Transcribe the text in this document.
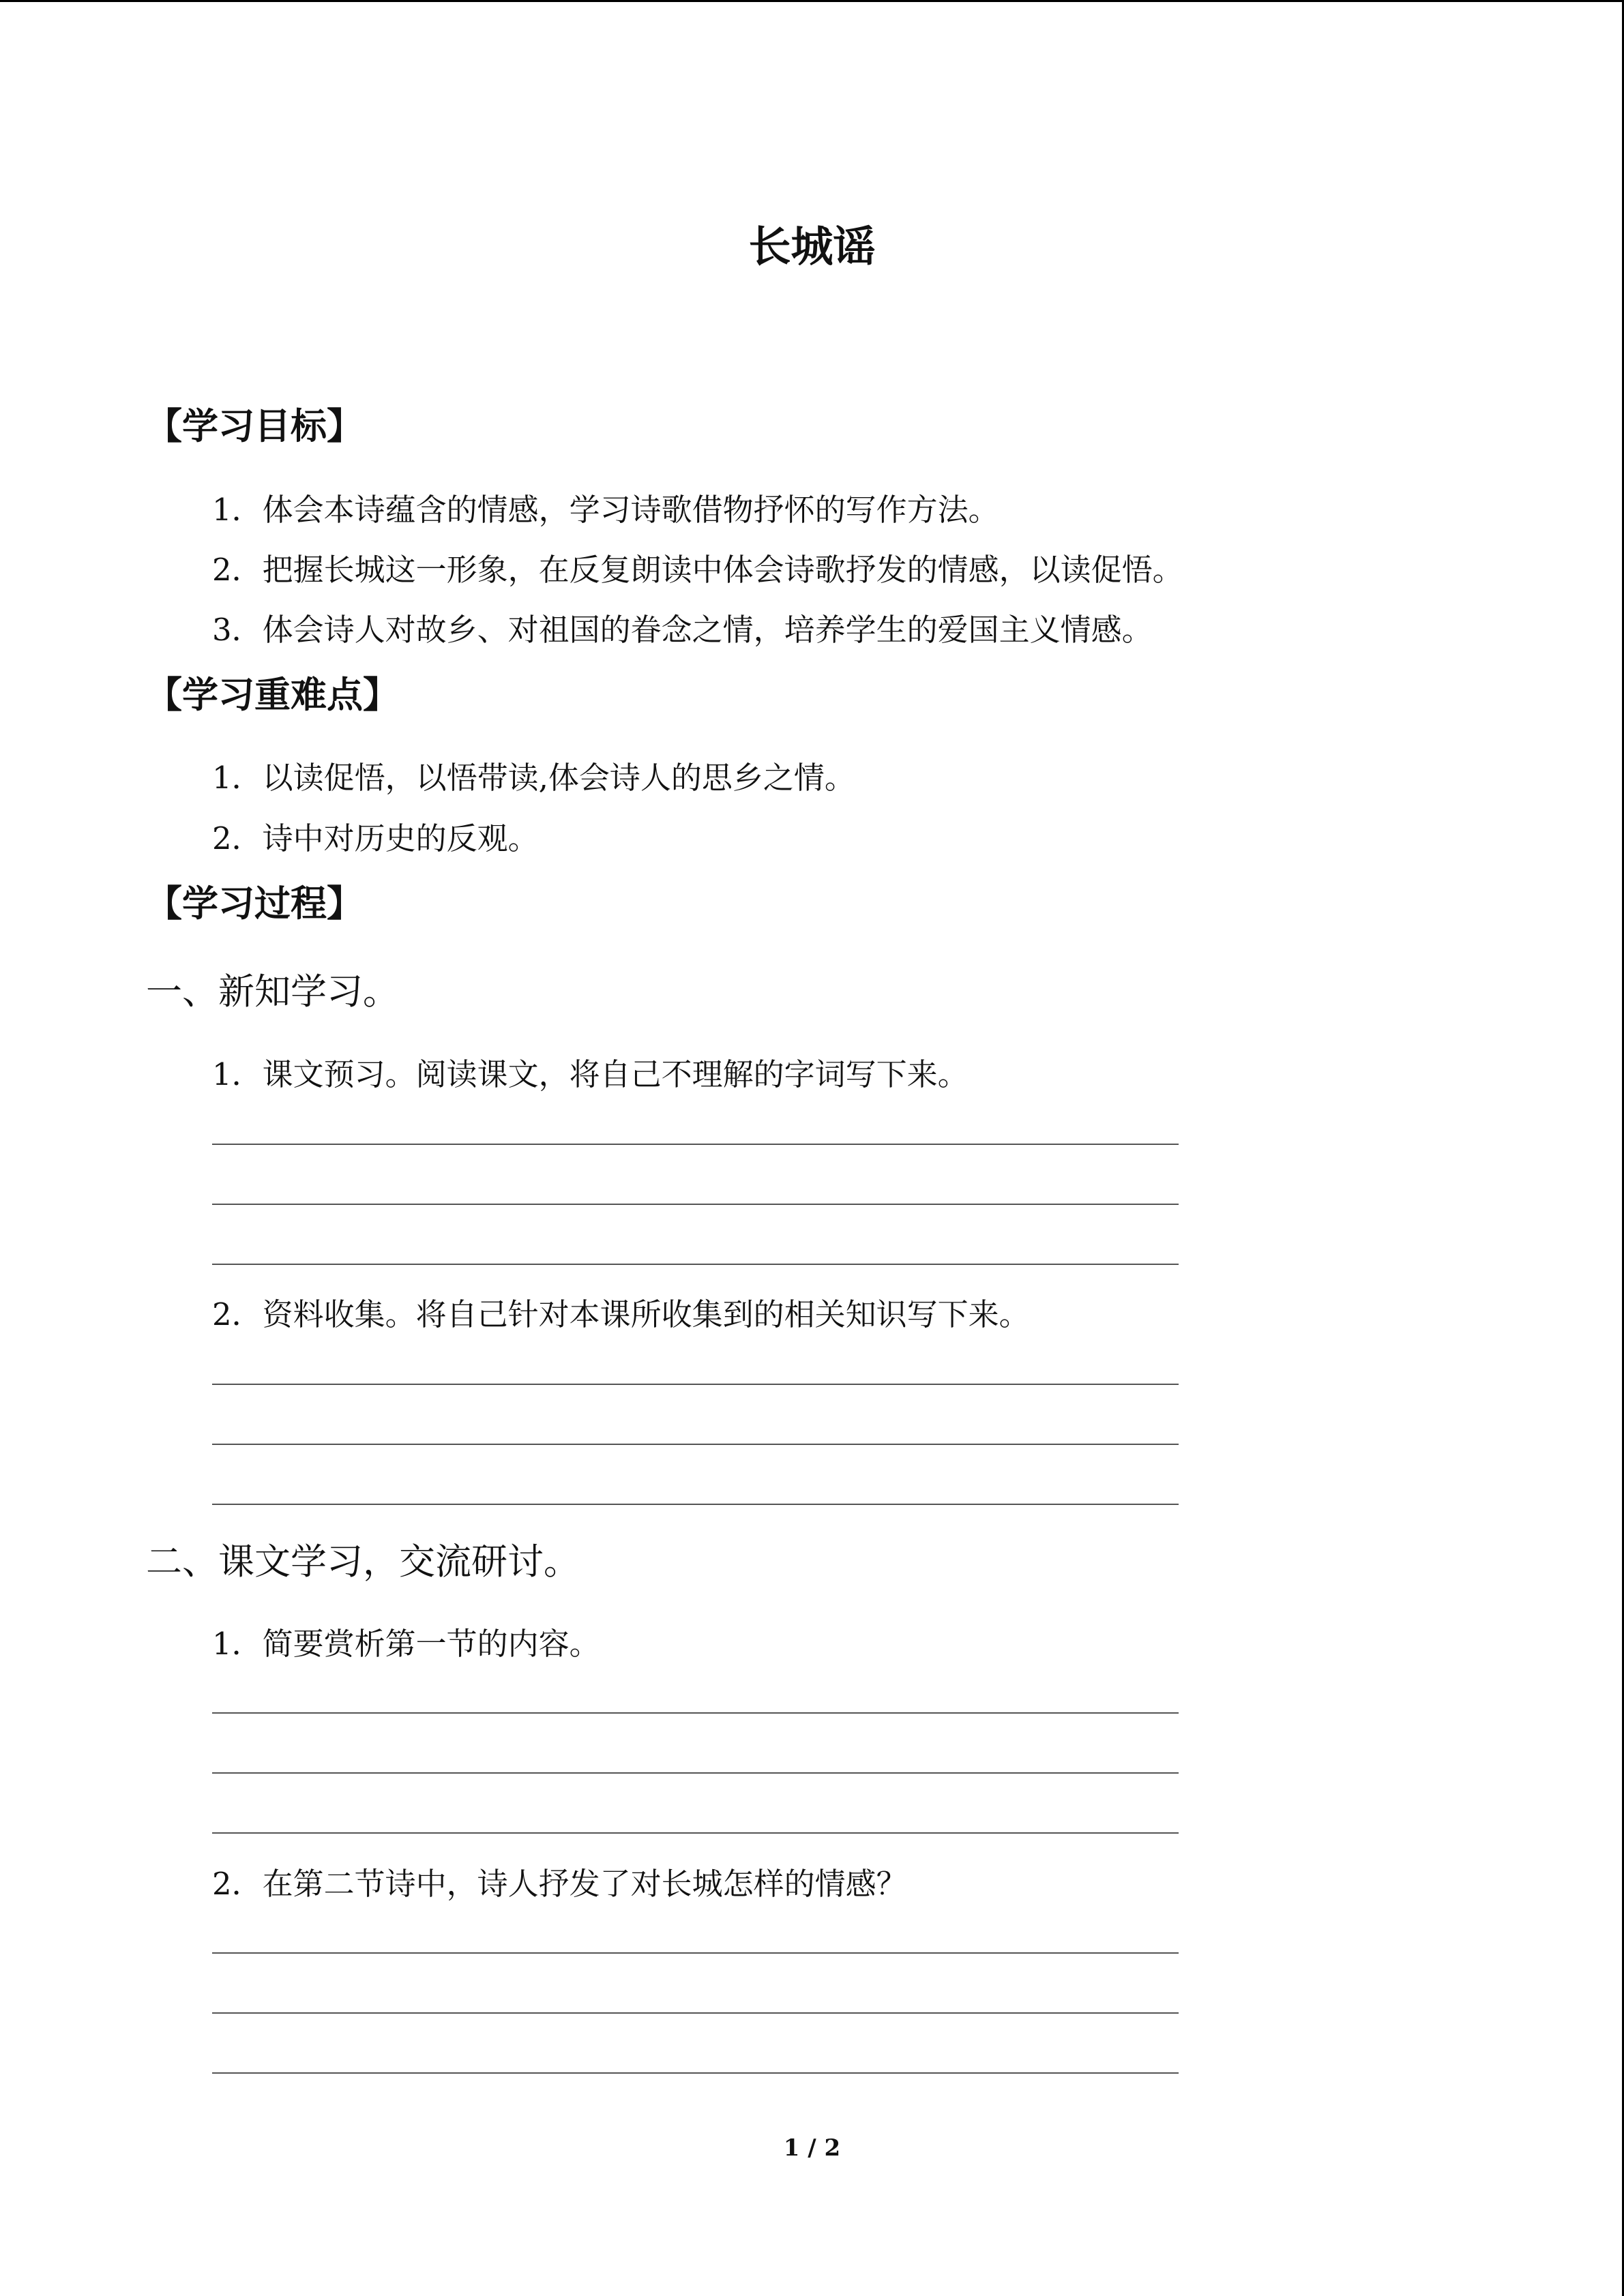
长城谣
【学习目标】
1．体会本诗蕴含的情感，学习诗歌借物抒怀的写作方法。
2．把握长城这一形象，在反复朗读中体会诗歌抒发的情感，以读促悟。
3．体会诗人对故乡、对祖国的眷念之情，培养学生的爱国主义情感。
【学习重难点】
1．以读促悟，以悟带读,体会诗人的思乡之情。
2．诗中对历史的反观。
【学习过程】
一、新知学习。
1．课文预习。阅读课文，将自己不理解的字词写下来。
2．资料收集。将自己针对本课所收集到的相关知识写下来。
二、课文学习，交流研讨。
1．简要赏析第一节的内容。
2．在第二节诗中，诗人抒发了对长城怎样的情感？
1 / 2
